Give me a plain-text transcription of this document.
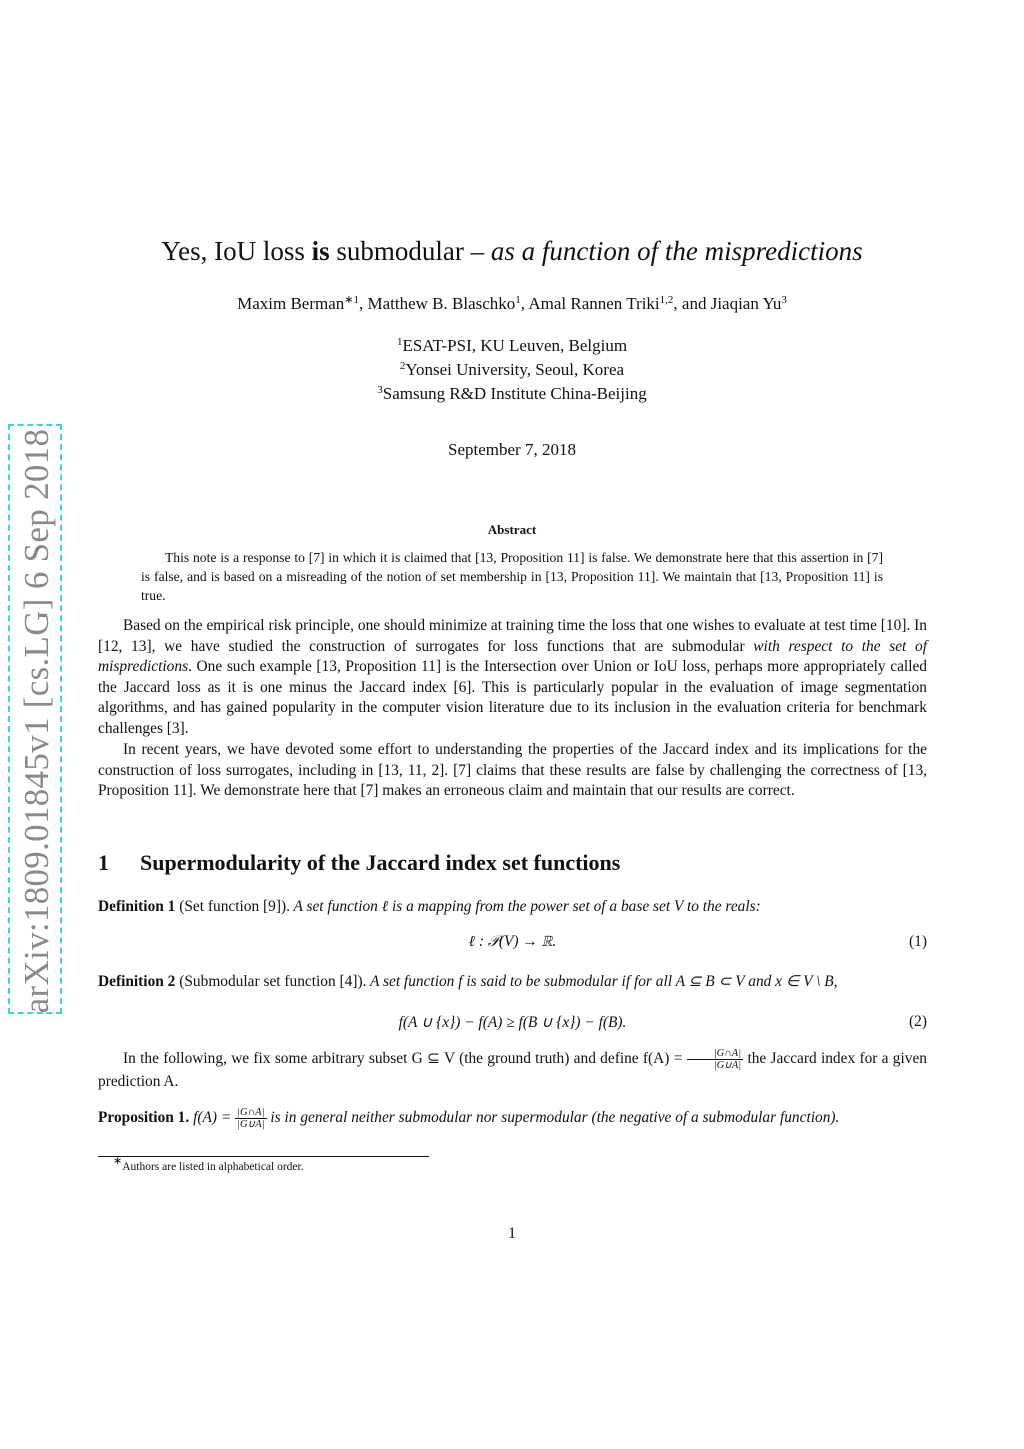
arXiv:1809.01845v1 [cs.LG] 6 Sep 2018
Yes, IoU loss is submodular – as a function of the mispredictions
Maxim Berman$^{∗1}$, Matthew B. Blaschko$^1$, Amal Rannen Triki$^{1,2}$, and Jiaqian Yu$^3$
$^1$ESAT-PSI, KU Leuven, Belgium
$^2$Yonsei University, Seoul, Korea
$^3$Samsung R&D Institute China-Beijing
September 7, 2018
Abstract

This note is a response to [7] in which it is claimed that [13, Proposition 11] is false. We demonstrate here that this assertion in [7] is false, and is based on a misreading of the notion of set membership in [13, Proposition 11]. We maintain that [13, Proposition 11] is true.

Based on the empirical risk principle, one should minimize at training time the loss that one wishes to evaluate at test time [10]. In [12, 13], we have studied the construction of surrogates for loss functions that are submodular with respect to the set of mispredictions. One such example [13, Proposition 11] is the Intersection over Union or IoU loss, perhaps more appropriately called the Jaccard loss as it is one minus the Jaccard index [6]. This is particularly popular in the evaluation of image segmentation algorithms, and has gained popularity in the computer vision literature due to its inclusion in the evaluation criteria for benchmark challenges [3].

In recent years, we have devoted some effort to understanding the properties of the Jaccard index and its implications for the construction of loss surrogates, including in [13, 11, 2]. [7] claims that these results are false by challenging the correctness of [13, Proposition 11]. We demonstrate here that [7] makes an erroneous claim and maintain that our results are correct.

1 Supermodularity of the Jaccard index set functions
Definition 1 (Set function [9]). A set function ℓ is a mapping from the power set of a base set V to the reals:
ℓ : 𝒫(V) → ℝ.	(1)
Definition 2 (Submodular set function [4]). A set function f is said to be submodular if for all A ⊆ B ⊂ V and x ∈ V \ B,
f(A ∪ {x}) − f(A) ≥ f(B ∪ {x}) − f(B).	(2)

In the following, we fix some arbitrary subset G ⊆ V (the ground truth) and define $f(A) = \frac{|G\cap A|}{|G\cup A|}$ the Jaccard index for a given prediction A.

Proposition 1. $f(A) = \frac{|G\cap A|}{|G\cup A|}$ is in general neither submodular nor supermodular (the negative of a submodular function).
∗Authors are listed in alphabetical order.
1
